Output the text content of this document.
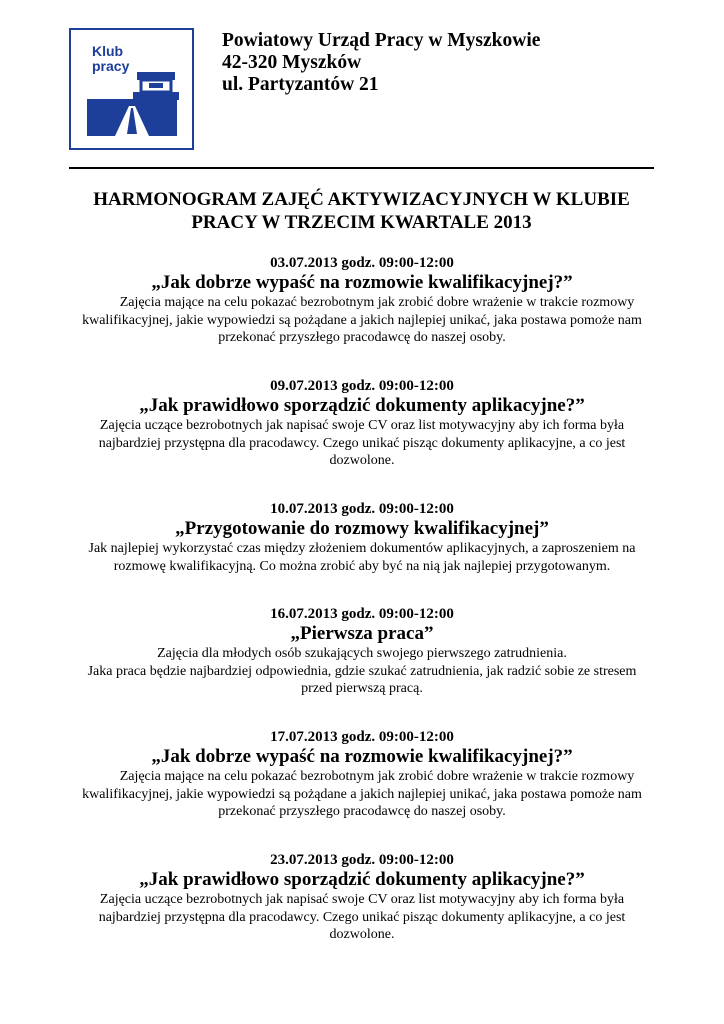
Klub
pracy
Powiatowy Urząd Pracy w Myszkowie
42-320 Myszków
ul. Partyzantów 21
HARMONOGRAM ZAJĘĆ AKTYWIZACYJNYCH W KLUBIE
PRACY W TRZECIM KWARTALE 2013
03.07.2013 godz. 09:00-12:00
„Jak dobrze wypaść na rozmowie kwalifikacyjnej?”
Zajęcia mające na celu pokazać bezrobotnym jak zrobić dobre wrażenie w trakcie rozmowy
kwalifikacyjnej, jakie wypowiedzi są pożądane a jakich najlepiej unikać, jaka postawa pomoże nam
przekonać przyszłego pracodawcę do naszej osoby.
09.07.2013 godz. 09:00-12:00
„Jak prawidłowo sporządzić dokumenty aplikacyjne?”
Zajęcia uczące bezrobotnych jak napisać swoje CV oraz list motywacyjny aby ich forma była
najbardziej przystępna dla pracodawcy. Czego unikać pisząc dokumenty aplikacyjne, a co jest
dozwolone.
10.07.2013 godz. 09:00-12:00
„Przygotowanie do rozmowy kwalifikacyjnej”
Jak najlepiej wykorzystać czas między złożeniem dokumentów aplikacyjnych, a zaproszeniem na
rozmowę kwalifikacyjną. Co można zrobić aby być na nią jak najlepiej przygotowanym.
16.07.2013 godz. 09:00-12:00
„Pierwsza praca”
Zajęcia dla młodych osób szukających swojego pierwszego zatrudnienia.
Jaka praca będzie najbardziej odpowiednia, gdzie szukać zatrudnienia, jak radzić sobie ze stresem
przed pierwszą pracą.
17.07.2013 godz. 09:00-12:00
„Jak dobrze wypaść na rozmowie kwalifikacyjnej?”
Zajęcia mające na celu pokazać bezrobotnym jak zrobić dobre wrażenie w trakcie rozmowy
kwalifikacyjnej, jakie wypowiedzi są pożądane a jakich najlepiej unikać, jaka postawa pomoże nam
przekonać przyszłego pracodawcę do naszej osoby.
23.07.2013 godz. 09:00-12:00
„Jak prawidłowo sporządzić dokumenty aplikacyjne?”
Zajęcia uczące bezrobotnych jak napisać swoje CV oraz list motywacyjny aby ich forma była
najbardziej przystępna dla pracodawcy. Czego unikać pisząc dokumenty aplikacyjne, a co jest
dozwolone.
